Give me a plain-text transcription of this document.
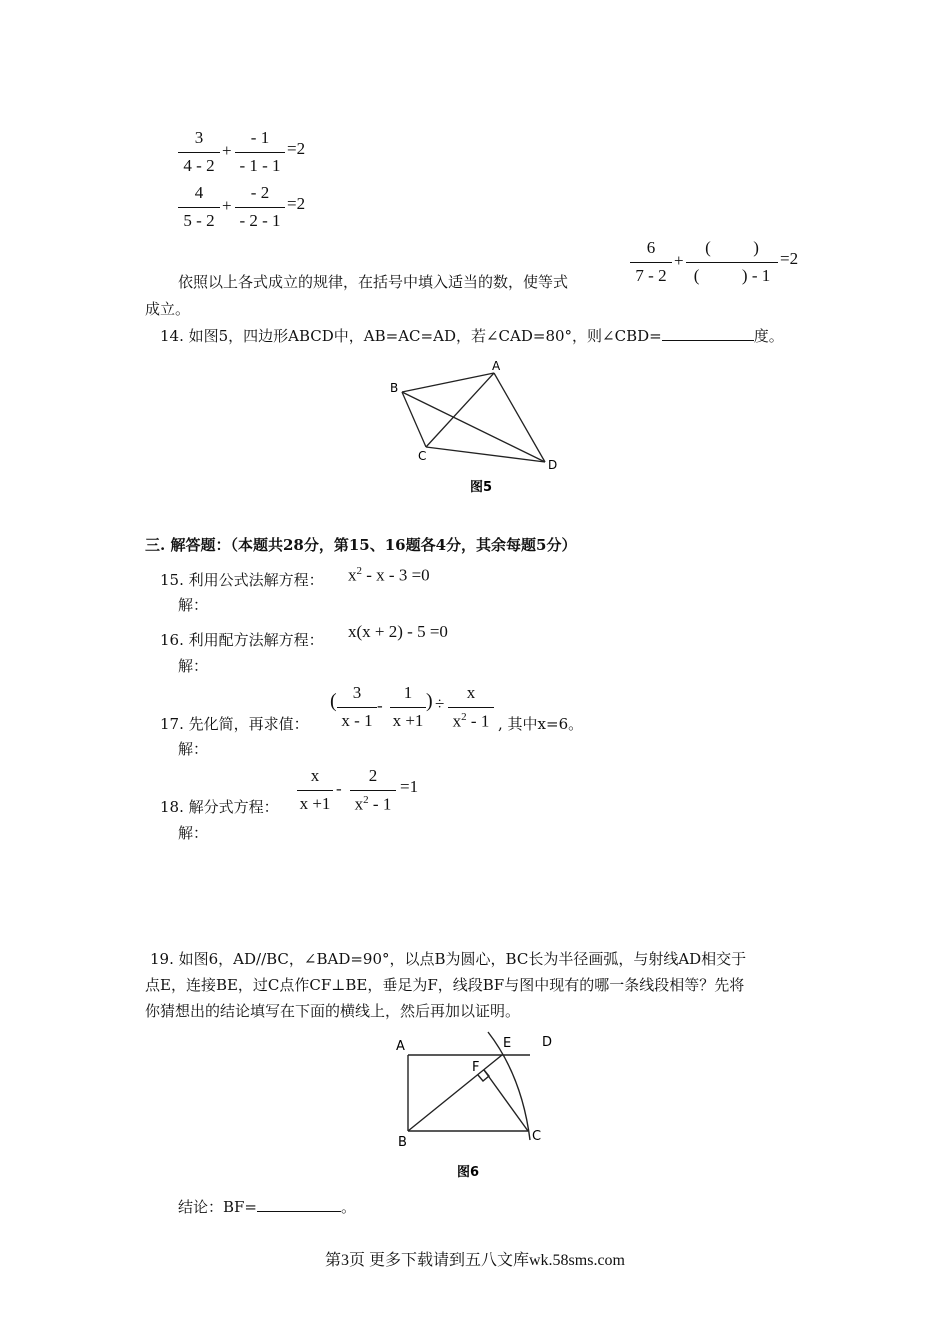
3
4 - 2
+
- 1
- 1 - 1
=2
4
5 - 2
+
- 2
- 2 - 1
=2
6
7 - 2
+
(          )
(          ) - 1
=2
依照以上各式成立的规律，在括号中填入适当的数，使等式
成立。
14. 如图5，四边形ABCD中，AB=AC=AD，若∠CAD=80°，则∠CBD=	度。
A
B
C
D
图5
三. 解答题：（本题共28分，第15、16题各4分，其余每题5分）
15. 利用公式法解方程： $x^2 - x - 3 =0$
解：
16. 利用配方法解方程： x(x + 2) - 5 =0
解：
17. 先化简，再求值：
( 3
x - 1
-
1
x +1
) ÷
x
$x^2 - 1$ , 其中x=6。
解：
18. 解分式方程：
x
x +1
-
2
$x^2 - 1$
=1
解：
19. 如图6，AD//BC，∠BAD=90°，以点B为圆心，BC长为半径画弧，与射线AD相交于
点E，连接BE，过C点作CF⊥BE，垂足为F，线段BF与图中现有的哪一条线段相等？先将
你猜想出的结论填写在下面的横线上，然后再加以证明。
A
B	C
D
E
F
图6
结论：BF=	。
第3页 更多下载请到五八文库wk.58sms.com
